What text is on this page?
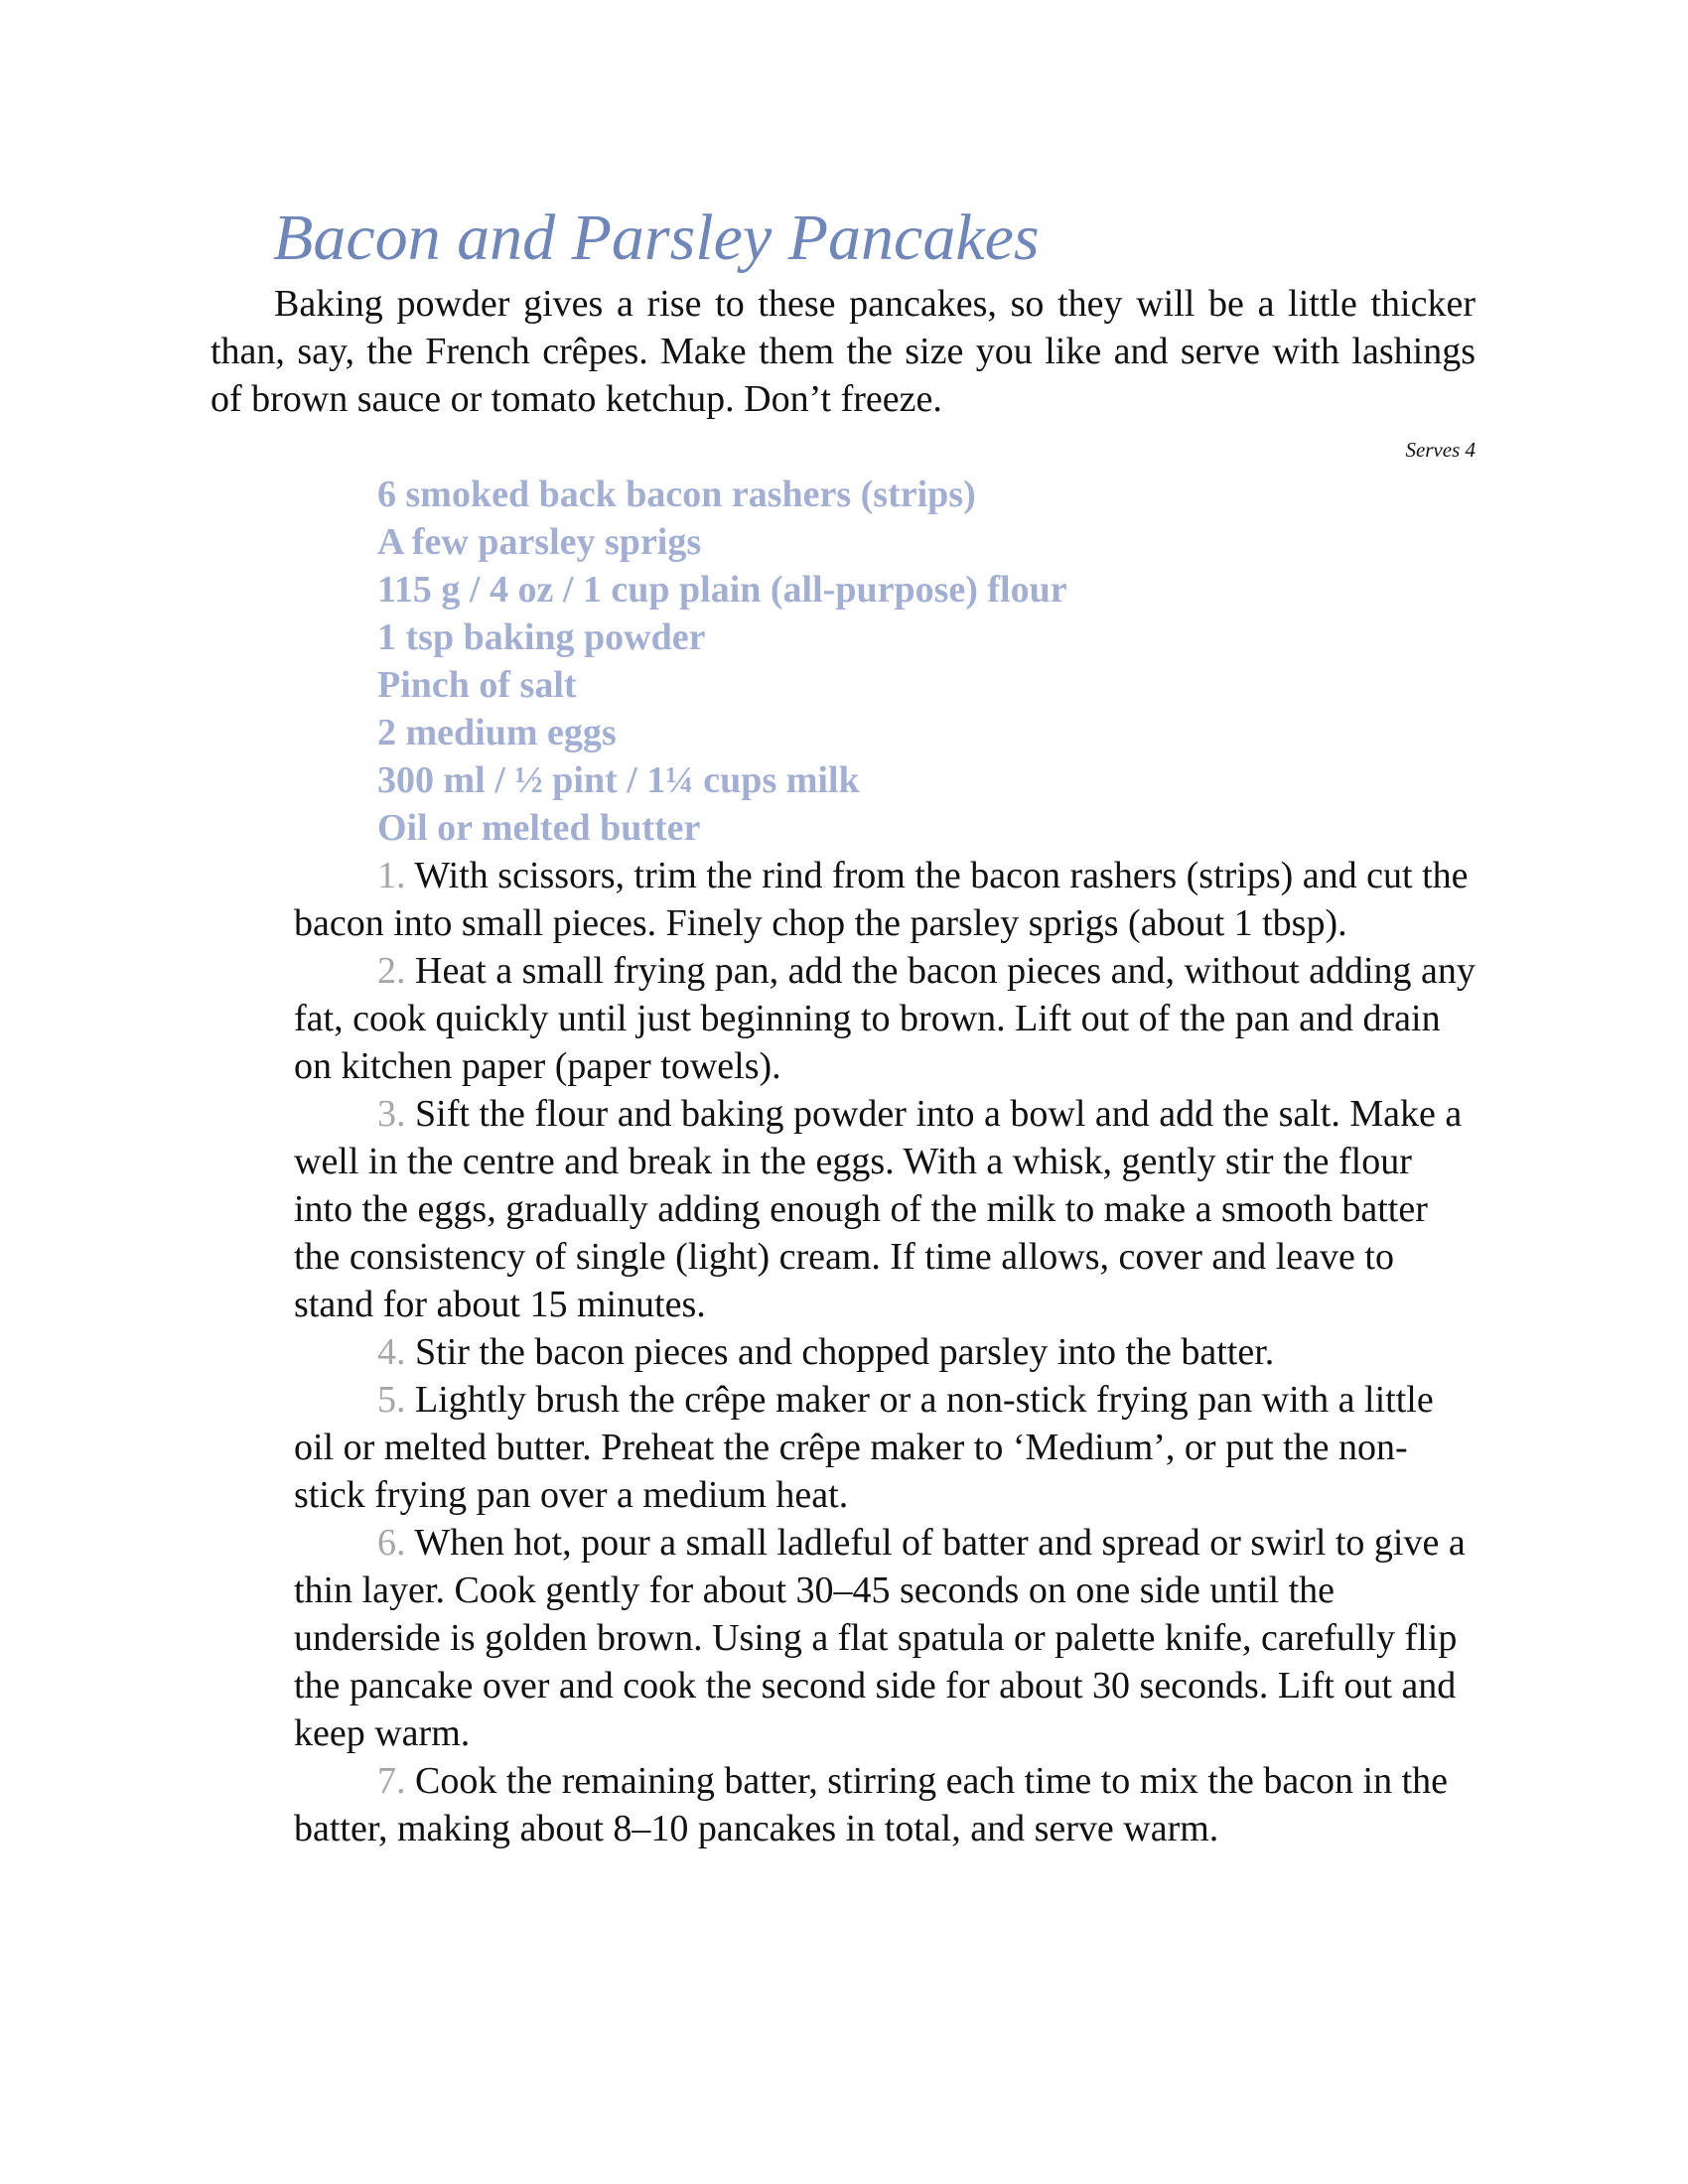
Bacon and Parsley Pancakes

Baking powder gives a rise to these pancakes, so they will be a little thicker than, say, the French crêpes. Make them the size you like and serve with lashings of brown sauce or tomato ketchup. Don’t freeze.

Serves 4

6 smoked back bacon rashers (strips)
A few parsley sprigs
115 g / 4 oz / 1 cup plain (all-purpose) flour
1 tsp baking powder
Pinch of salt
2 medium eggs
300 ml / ½ pint / 1¼ cups milk
Oil or melted butter
1. With scissors, trim the rind from the bacon rashers (strips) and cut the bacon into small pieces. Finely chop the parsley sprigs (about 1 tbsp).
2. Heat a small frying pan, add the bacon pieces and, without adding any fat, cook quickly until just beginning to brown. Lift out of the pan and drain on kitchen paper (paper towels).
3. Sift the flour and baking powder into a bowl and add the salt. Make a well in the centre and break in the eggs. With a whisk, gently stir the flour into the eggs, gradually adding enough of the milk to make a smooth batter the consistency of single (light) cream. If time allows, cover and leave to stand for about 15 minutes.
4. Stir the bacon pieces and chopped parsley into the batter.
5. Lightly brush the crêpe maker or a non-stick frying pan with a little oil or melted butter. Preheat the crêpe maker to ‘Medium’, or put the non-stick frying pan over a medium heat.
6. When hot, pour a small ladleful of batter and spread or swirl to give a thin layer. Cook gently for about 30–45 seconds on one side until the underside is golden brown. Using a flat spatula or palette knife, carefully flip the pancake over and cook the second side for about 30 seconds. Lift out and keep warm.
7. Cook the remaining batter, stirring each time to mix the bacon in the batter, making about 8–10 pancakes in total, and serve warm.
